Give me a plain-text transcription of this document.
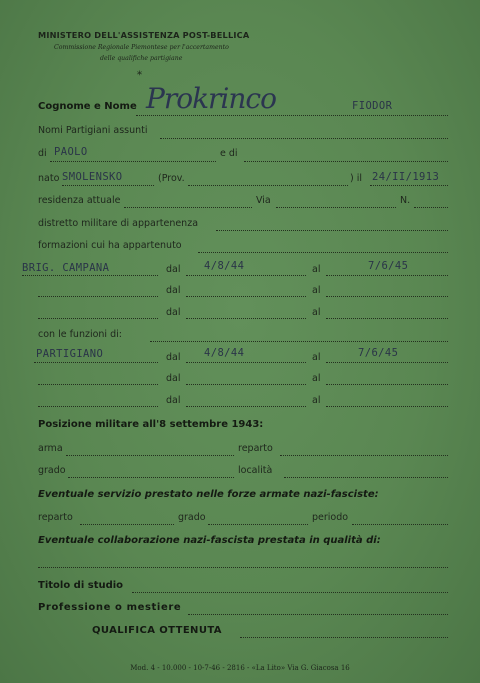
MINISTERO DELL'ASSISTENZA POST-BELLICA
Commissione Regionale Piemontese per l'accertamento
delle qualifiche partigiane
*
Cognome e Nome Prokrinco	FIODOR
Nomi Partigiani assunti
di PAOLO	e di
nato SMOLENSKO	(Prov.	) il 24/II/1913
residenza attuale	Via	N.
distretto militare di appartenenza
formazioni cui ha appartenuto
BRIG. CAMPANA	dal 4/8/44	al	7/6/45
dal	al
dal	al
con le funzioni di:
PARTIGIANO	dal 4/8/44	al	7/6/45
dal	al
dal	al
Posizione militare all'8 settembre 1943:
arma	reparto
grado	località
Eventuale servizio prestato nelle forze armate nazi-fasciste:
reparto	grado	periodo
Eventuale collaborazione nazi-fascista prestata in qualità di:
Titolo di studio
Professione o mestiere
QUALIFICA OTTENUTA
Mod. 4 - 10.000 - 10-7-46 - 2816 - «La Lito» Via G. Giacosa 16
